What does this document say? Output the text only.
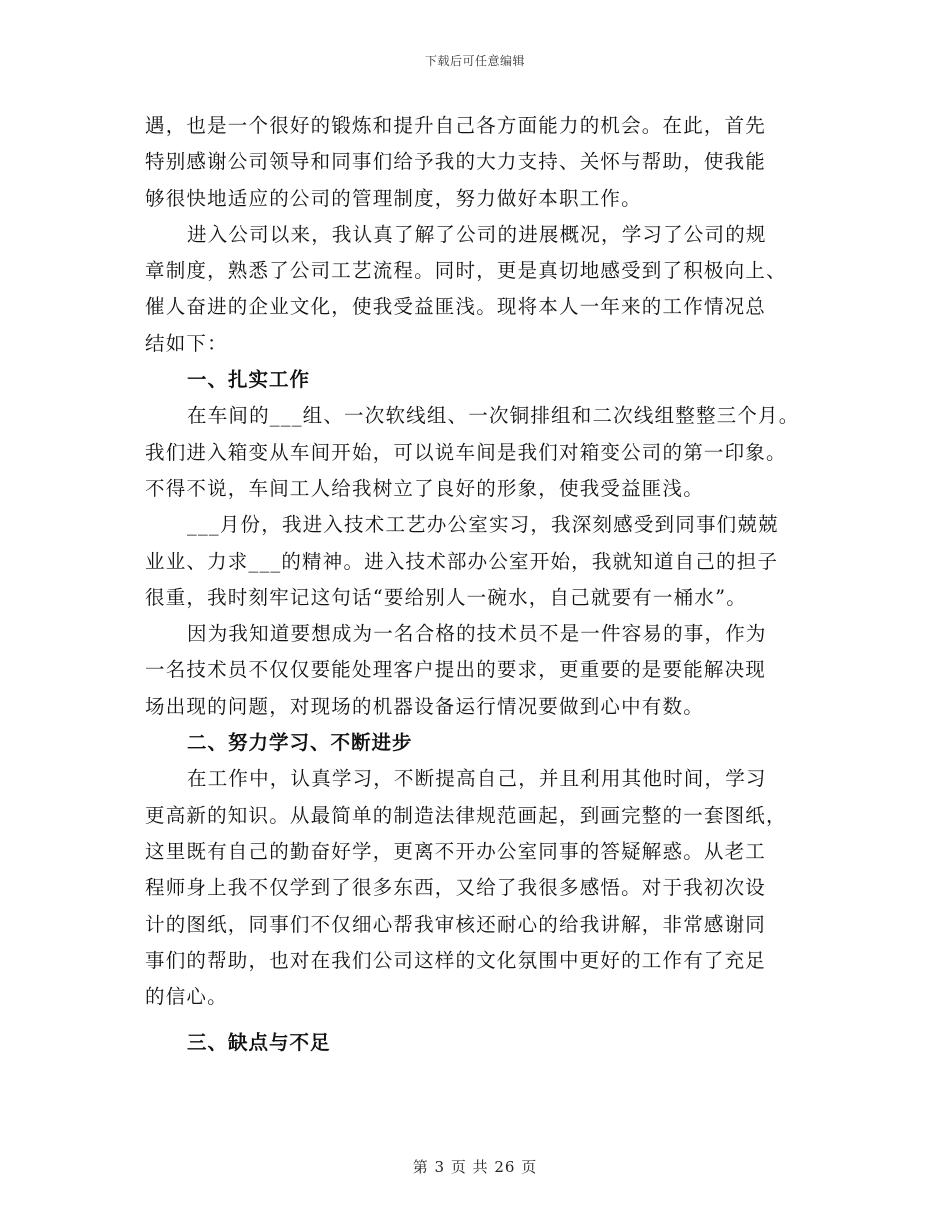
下载后可任意编辑
遇，也是一个很好的锻炼和提升自己各方面能力的机会。在此，首先
特别感谢公司领导和同事们给予我的大力支持、关怀与帮助，使我能
够很快地适应的公司的管理制度，努力做好本职工作。
进入公司以来，我认真了解了公司的进展概况，学习了公司的规
章制度，熟悉了公司工艺流程。同时，更是真切地感受到了积极向上、
催人奋进的企业文化，使我受益匪浅。现将本人一年来的工作情况总
结如下：
一、扎实工作
在车间的___组、一次软线组、一次铜排组和二次线组整整三个月。
我们进入箱变从车间开始，可以说车间是我们对箱变公司的第一印象。
不得不说，车间工人给我树立了良好的形象，使我受益匪浅。
___月份，我进入技术工艺办公室实习，我深刻感受到同事们兢兢
业业、力求___的精神。进入技术部办公室开始，我就知道自己的担子
很重，我时刻牢记这句话“要给别人一碗水，自己就要有一桶水”。
因为我知道要想成为一名合格的技术员不是一件容易的事，作为
一名技术员不仅仅要能处理客户提出的要求，更重要的是要能解决现
场出现的问题，对现场的机器设备运行情况要做到心中有数。
二、努力学习、不断进步
在工作中，认真学习，不断提高自己，并且利用其他时间，学习
更高新的知识。从最简单的制造法律规范画起，到画完整的一套图纸，
这里既有自己的勤奋好学，更离不开办公室同事的答疑解惑。从老工
程师身上我不仅学到了很多东西，又给了我很多感悟。对于我初次设
计的图纸，同事们不仅细心帮我审核还耐心的给我讲解，非常感谢同
事们的帮助，也对在我们公司这样的文化氛围中更好的工作有了充足
的信心。
三、缺点与不足
第 3 页 共 26 页
